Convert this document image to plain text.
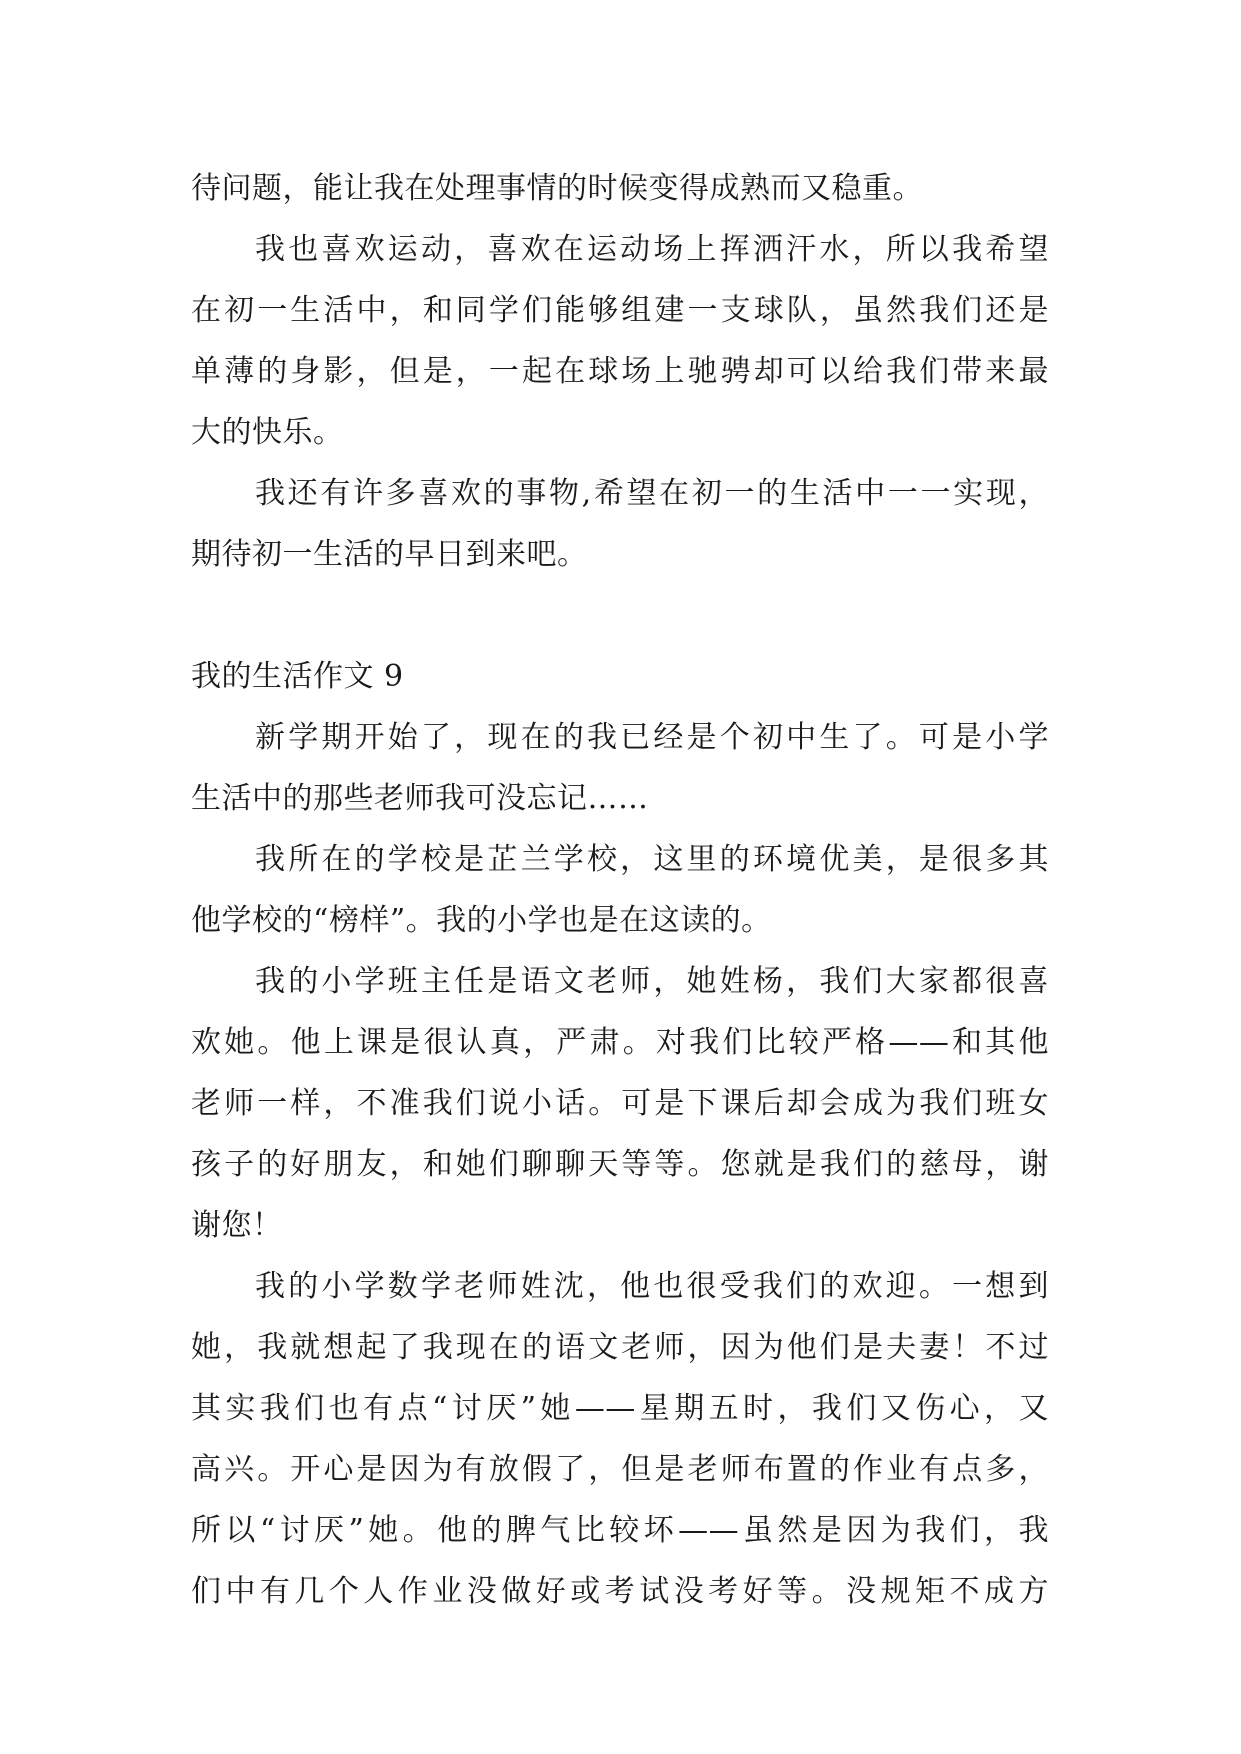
待问题，能让我在处理事情的时候变得成熟而又稳重。
我也喜欢运动，喜欢在运动场上挥洒汗水，所以我希望
在初一生活中，和同学们能够组建一支球队，虽然我们还是
单薄的身影，但是，一起在球场上驰骋却可以给我们带来最
大的快乐。
我还有许多喜欢的事物,希望在初一的生活中一一实现，
期待初一生活的早日到来吧。
我的生活作文 9
新学期开始了，现在的我已经是个初中生了。可是小学
生活中的那些老师我可没忘记……
我所在的学校是芷兰学校，这里的环境优美，是很多其
他学校的“榜样”。我的小学也是在这读的。
我的小学班主任是语文老师，她姓杨，我们大家都很喜
欢她。他上课是很认真，严肃。对我们比较严格——和其他
老师一样，不准我们说小话。可是下课后却会成为我们班女
孩子的好朋友，和她们聊聊天等等。您就是我们的慈母，谢
谢您！
我的小学数学老师姓沈，他也很受我们的欢迎。一想到
她，我就想起了我现在的语文老师，因为他们是夫妻！不过
其实我们也有点“讨厌”她——星期五时，我们又伤心，又
高兴。开心是因为有放假了，但是老师布置的作业有点多，
所以“讨厌”她。他的脾气比较坏——虽然是因为我们，我
们中有几个人作业没做好或考试没考好等。没规矩不成方
